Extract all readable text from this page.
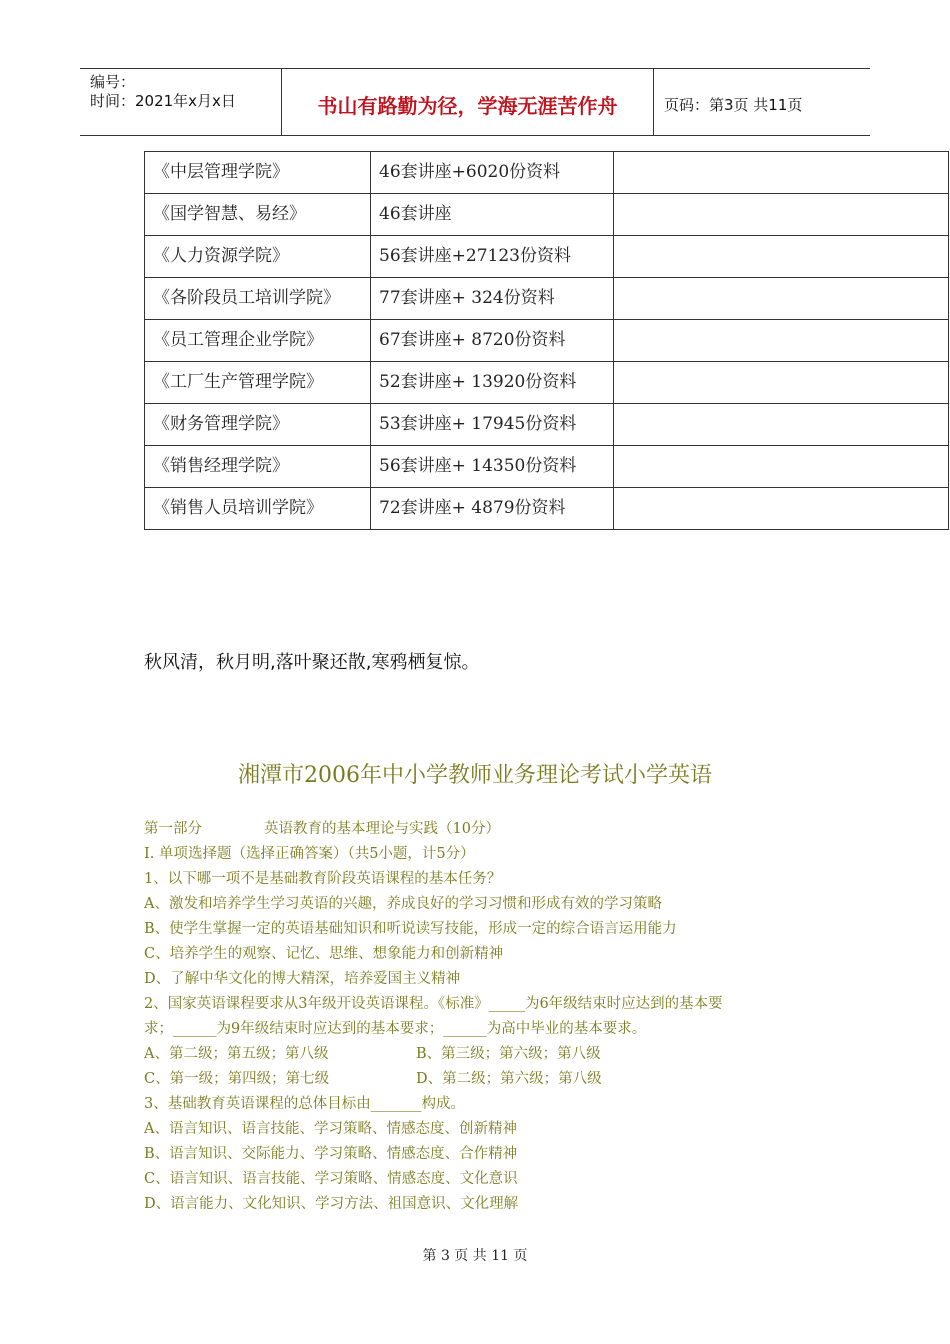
编号：
时间：2021年x月x日	书山有路勤为径，学海无涯苦作舟	页码：第3页 共11页
《中层管理学院》	46套讲座+6020份资料	
《国学智慧、易经》	46套讲座	
《人力资源学院》	56套讲座+27123份资料	
《各阶段员工培训学院》	77套讲座+ 324份资料	
《员工管理企业学院》	67套讲座+ 8720份资料	
《工厂生产管理学院》	52套讲座+ 13920份资料	
《财务管理学院》	53套讲座+ 17945份资料	
《销售经理学院》	56套讲座+ 14350份资料	
《销售人员培训学院》	72套讲座+ 4879份资料	
秋风清，秋月明,落叶聚还散,寒鸦栖复惊。
湘潭市2006年中小学教师业务理论考试小学英语
第一部分	英语教育的基本理论与实践（10分）
I. 单项选择题（选择正确答案）（共5小题，计5分）
1、以下哪一项不是基础教育阶段英语课程的基本任务？
A、激发和培养学生学习英语的兴趣，养成良好的学习习惯和形成有效的学习策略
B、使学生掌握一定的英语基础知识和听说读写技能，形成一定的综合语言运用能力
C、培养学生的观察、记忆、思维、想象能力和创新精神
D、了解中华文化的博大精深，培养爱国主义精神
2、国家英语课程要求从3年级开设英语课程。《标准》_____为6年级结束时应达到的基本要
求；______为9年级结束时应达到的基本要求；______为高中毕业的基本要求。
A、第二级；第五级；第八级	B、第三级；第六级；第八级
C、第一级；第四级；第七级	D、第二级；第六级；第八级
3、基础教育英语课程的总体目标由_______构成。
A、语言知识、语言技能、学习策略、情感态度、创新精神
B、语言知识、交际能力、学习策略、情感态度、合作精神
C、语言知识、语言技能、学习策略、情感态度、文化意识
D、语言能力、文化知识、学习方法、祖国意识、文化理解
第 3 页 共 11 页
